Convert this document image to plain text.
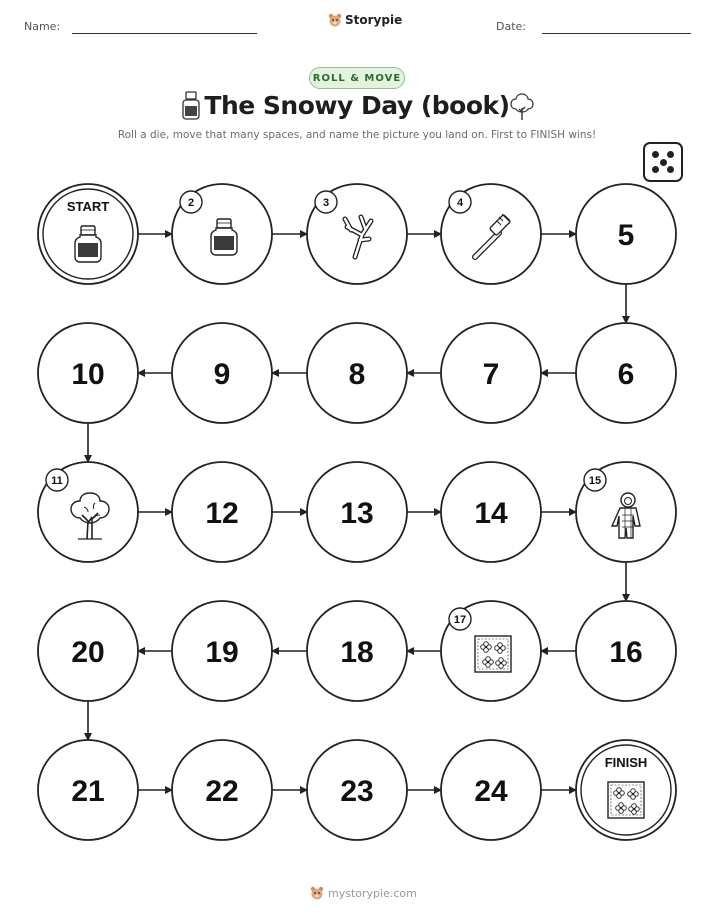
Name:	Storypie	Date:
ROLL & MOVE
The Snowy Day (book)
Roll a die, move that many spaces, and name the picture you land on. First to FINISH wins!
START	2	3	4
5
6
7
8
9
10
11
12	13	14
15
16
17
18
19
20
21	22	23	24
FINISH
mystorypie.com
